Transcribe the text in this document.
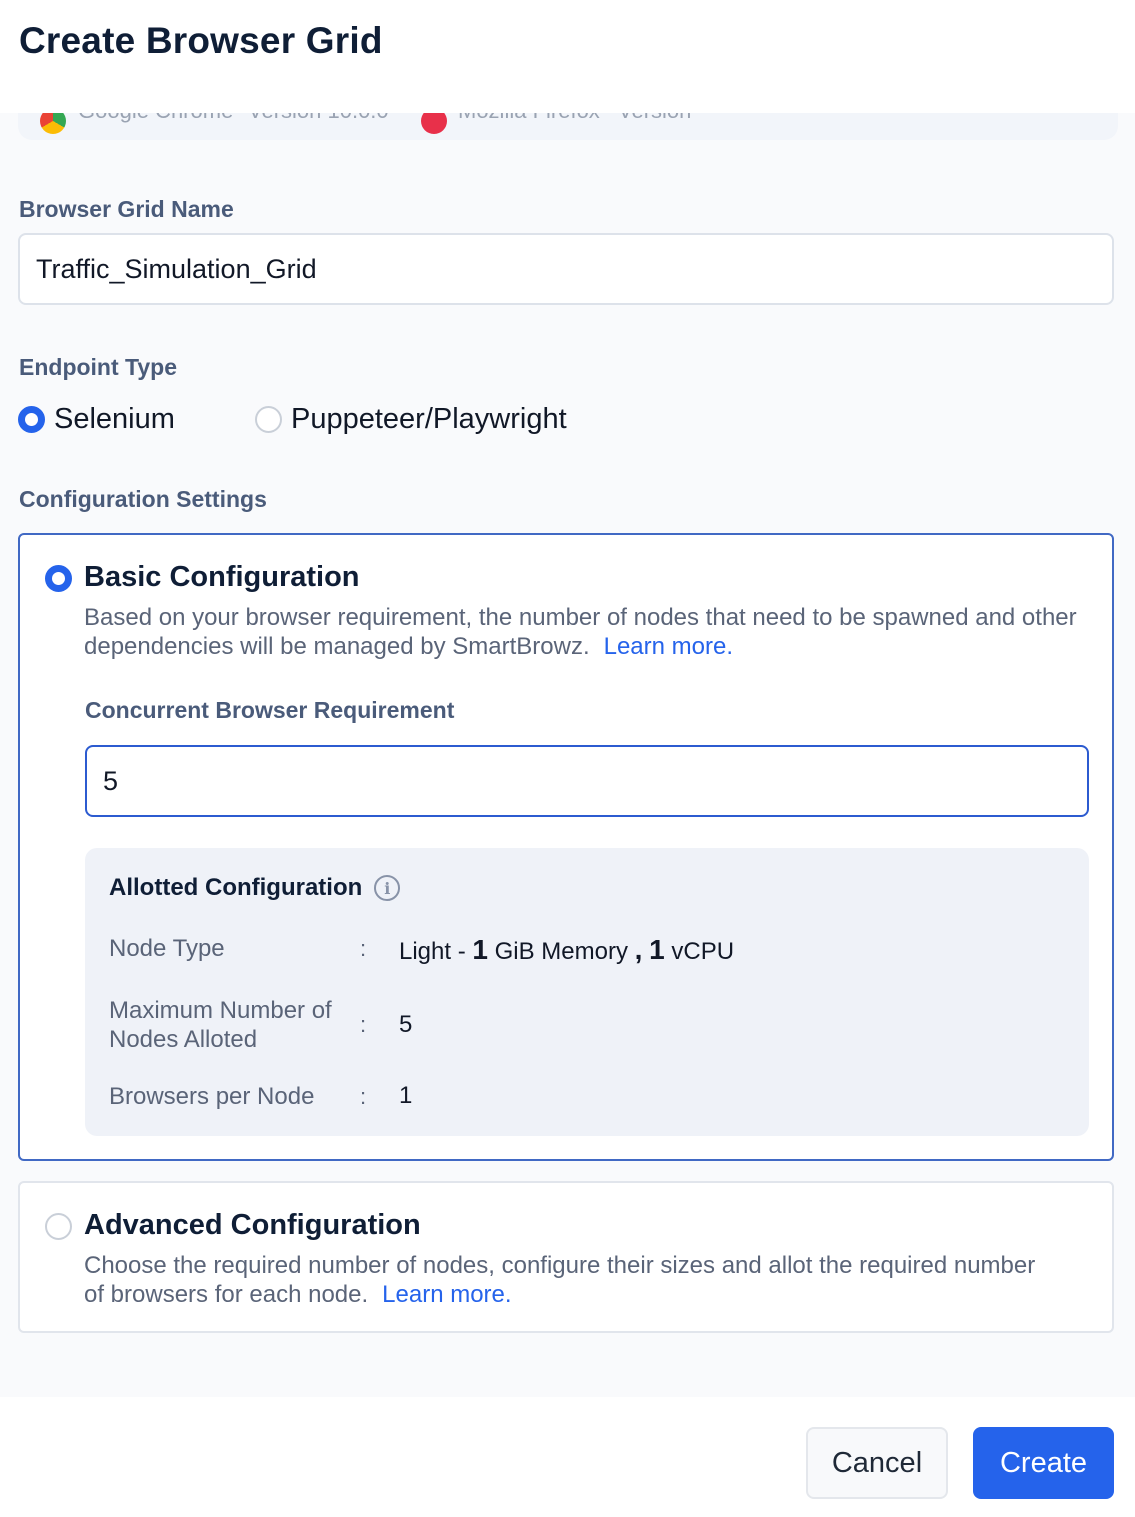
Create Browser Grid
Browser Grid Name
Traffic_Simulation_Grid
Endpoint Type
Selenium	Puppeteer/Playwright
Configuration Settings
Basic Configuration
Based on your browser requirement, the number of nodes that need to be spawned and other dependencies will be managed by SmartBrowz. Learn more.
Concurrent Browser Requirement
5
Allotted Configuration	i
Node Type	: Light - 1 GiB Memory , 1 vCPU
Maximum Number of Nodes Alloted
: 5
Browsers per Node	: 1
Advanced Configuration
Choose the required number of nodes, configure their sizes and allot the required number of browsers for each node. Learn more.
Cancel	Create
